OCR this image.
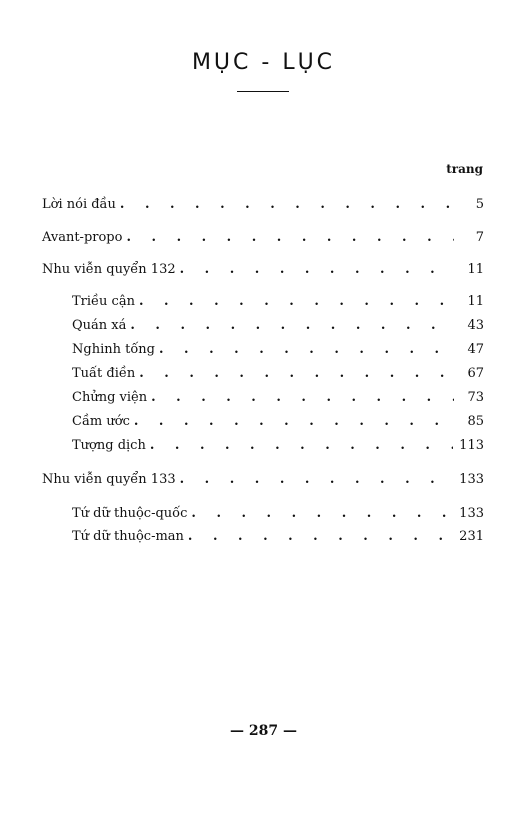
MỤC - LỤC
trang
Lời nói đầu . . .	5
Avant-propo . . .	7
Nhu viễn quyển 132 . . .	11
Triều cận . . .	11
Quán xá . . .	43
Nghinh tống . . .	47
Tuất điền . . .	67
Chửng viện . . .	73
Cầm ước . . .	85
Tượng dịch . . .	113
Nhu viễn quyển 133 . . .	133
Tứ dữ thuộc-quốc . . .	133
Tứ dữ thuộc-man . . .	231
— 287 —
